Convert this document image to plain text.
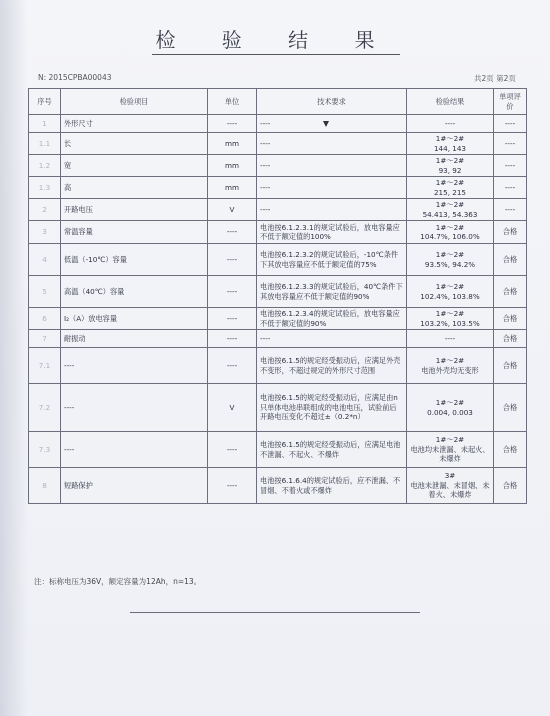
检 验 结 果
N: 2015CPBA00043	共2页 第2页
序号	检验项目	单位	技术要求	检验结果	单项评价
1	外形尺寸	----	----	----	----
1.1	长	mm	----	1#～2#
144, 143	----
1.2	宽	mm	----	1#～2#
93, 92	----
1.3	高	mm	----	1#～2#
215, 215	----
2	开路电压	V	----	1#～2#
54.413, 54.363	----
3	常温容量	----	电池按6.1.2.3.1的规定试验后，放电容量应不低于额定值的100%	1#～2#
104.7%, 106.0%	合格
4	低温（-10℃）容量	----	电池按6.1.2.3.2的规定试验后，-10℃条件下其放电容量应不低于额定值的75%	1#～2#
93.5%, 94.2%	合格
5	高温（40℃）容量	----	电池按6.1.2.3.3的规定试验后，40℃条件下其放电容量应不低于额定值的90%	1#～2#
102.4%, 103.8%	合格
6	I₂（A）放电容量	----	电池按6.1.2.3.4的规定试验后，放电容量应不低于额定值的90%	1#～2#
103.2%, 103.5%	合格
7	耐振动	----	----	----	合格
7.1	----	----	电池按6.1.5的规定经受振动后，应满足外壳不变形，不超过规定的外形尺寸范围	1#～2#
电池外壳均无变形	合格
7.2	----	V	电池按6.1.5的规定经受振动后，应满足由n只单体电池串联组成的电池电压，试验前后开路电压变化不超过±（0.2*n）	1#～2#
0.004, 0.003	合格
7.3	----	----	电池按6.1.5的规定经受振动后，应满足电池不泄漏、不起火、不爆炸	1#～2#
电池均未泄漏、未起火、未爆炸	合格
8	短路保护	----	电池按6.1.6.4的规定试验后，应不泄漏、不冒烟、不着火或不爆炸	3#
电池未泄漏、未冒烟、未着火、未爆炸	合格
注：标称电压为36V，额定容量为12Ah，n=13。
